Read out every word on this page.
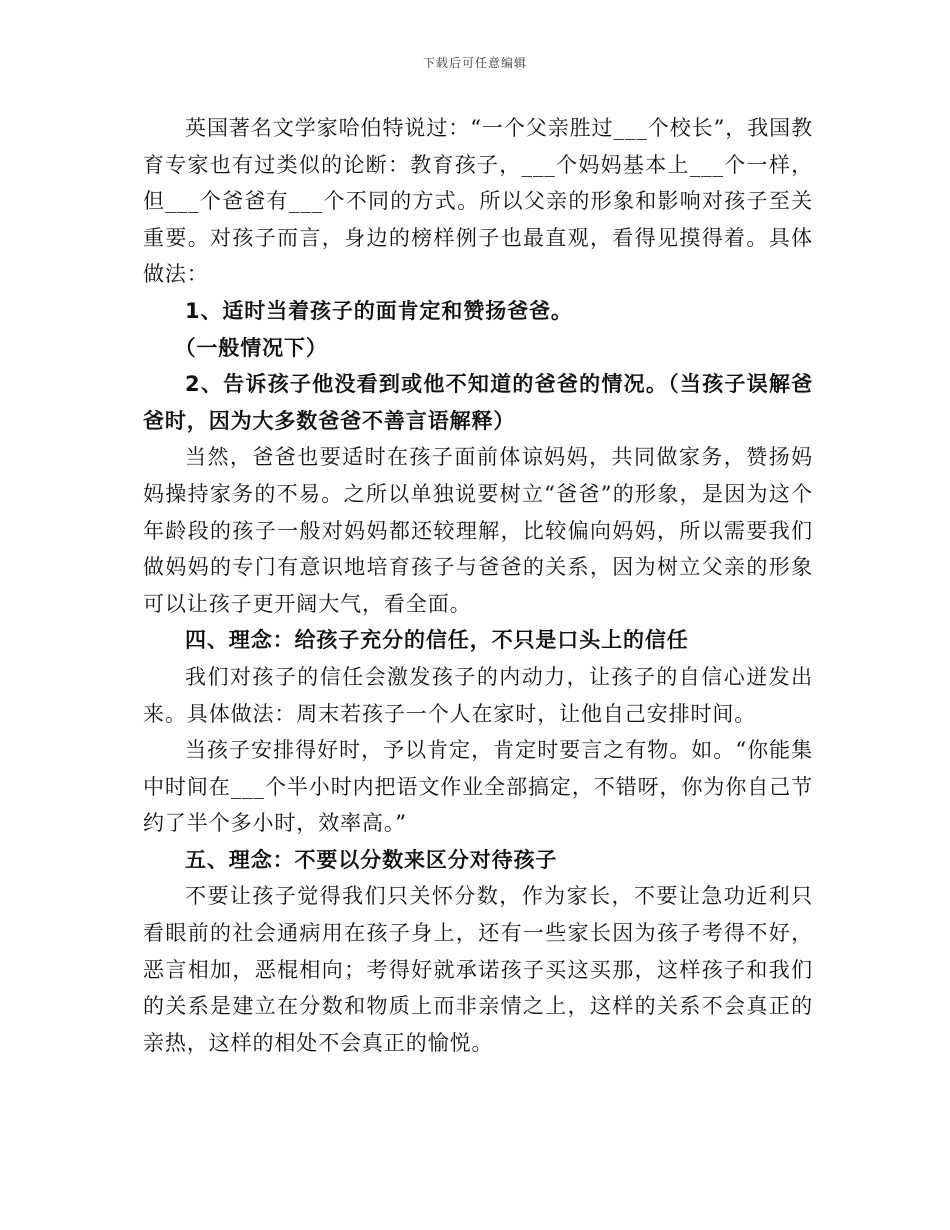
下载后可任意编辑

英国著名文学家哈伯特说过：“一个父亲胜过___个校长”，我国教育专家也有过类似的论断：教育孩子，___个妈妈基本上___个一样，但___个爸爸有___个不同的方式。所以父亲的形象和影响对孩子至关重要。对孩子而言，身边的榜样例子也最直观，看得见摸得着。具体做法：

1、适时当着孩子的面肯定和赞扬爸爸。

（一般情况下）

2、告诉孩子他没看到或他不知道的爸爸的情况。（当孩子误解爸爸时，因为大多数爸爸不善言语解释）

当然，爸爸也要适时在孩子面前体谅妈妈，共同做家务，赞扬妈妈操持家务的不易。之所以单独说要树立“爸爸”的形象，是因为这个年龄段的孩子一般对妈妈都还较理解，比较偏向妈妈，所以需要我们做妈妈的专门有意识地培育孩子与爸爸的关系，因为树立父亲的形象可以让孩子更开阔大气，看全面。

四、理念：给孩子充分的信任，不只是口头上的信任

我们对孩子的信任会激发孩子的内动力，让孩子的自信心迸发出来。具体做法：周末若孩子一个人在家时，让他自己安排时间。

当孩子安排得好时，予以肯定，肯定时要言之有物。如。“你能集中时间在___个半小时内把语文作业全部搞定，不错呀，你为你自己节约了半个多小时，效率高。”

五、理念：不要以分数来区分对待孩子

不要让孩子觉得我们只关怀分数，作为家长，不要让急功近利只看眼前的社会通病用在孩子身上，还有一些家长因为孩子考得不好，恶言相加，恶棍相向；考得好就承诺孩子买这买那，这样孩子和我们的关系是建立在分数和物质上而非亲情之上，这样的关系不会真正的亲热，这样的相处不会真正的愉悦。
